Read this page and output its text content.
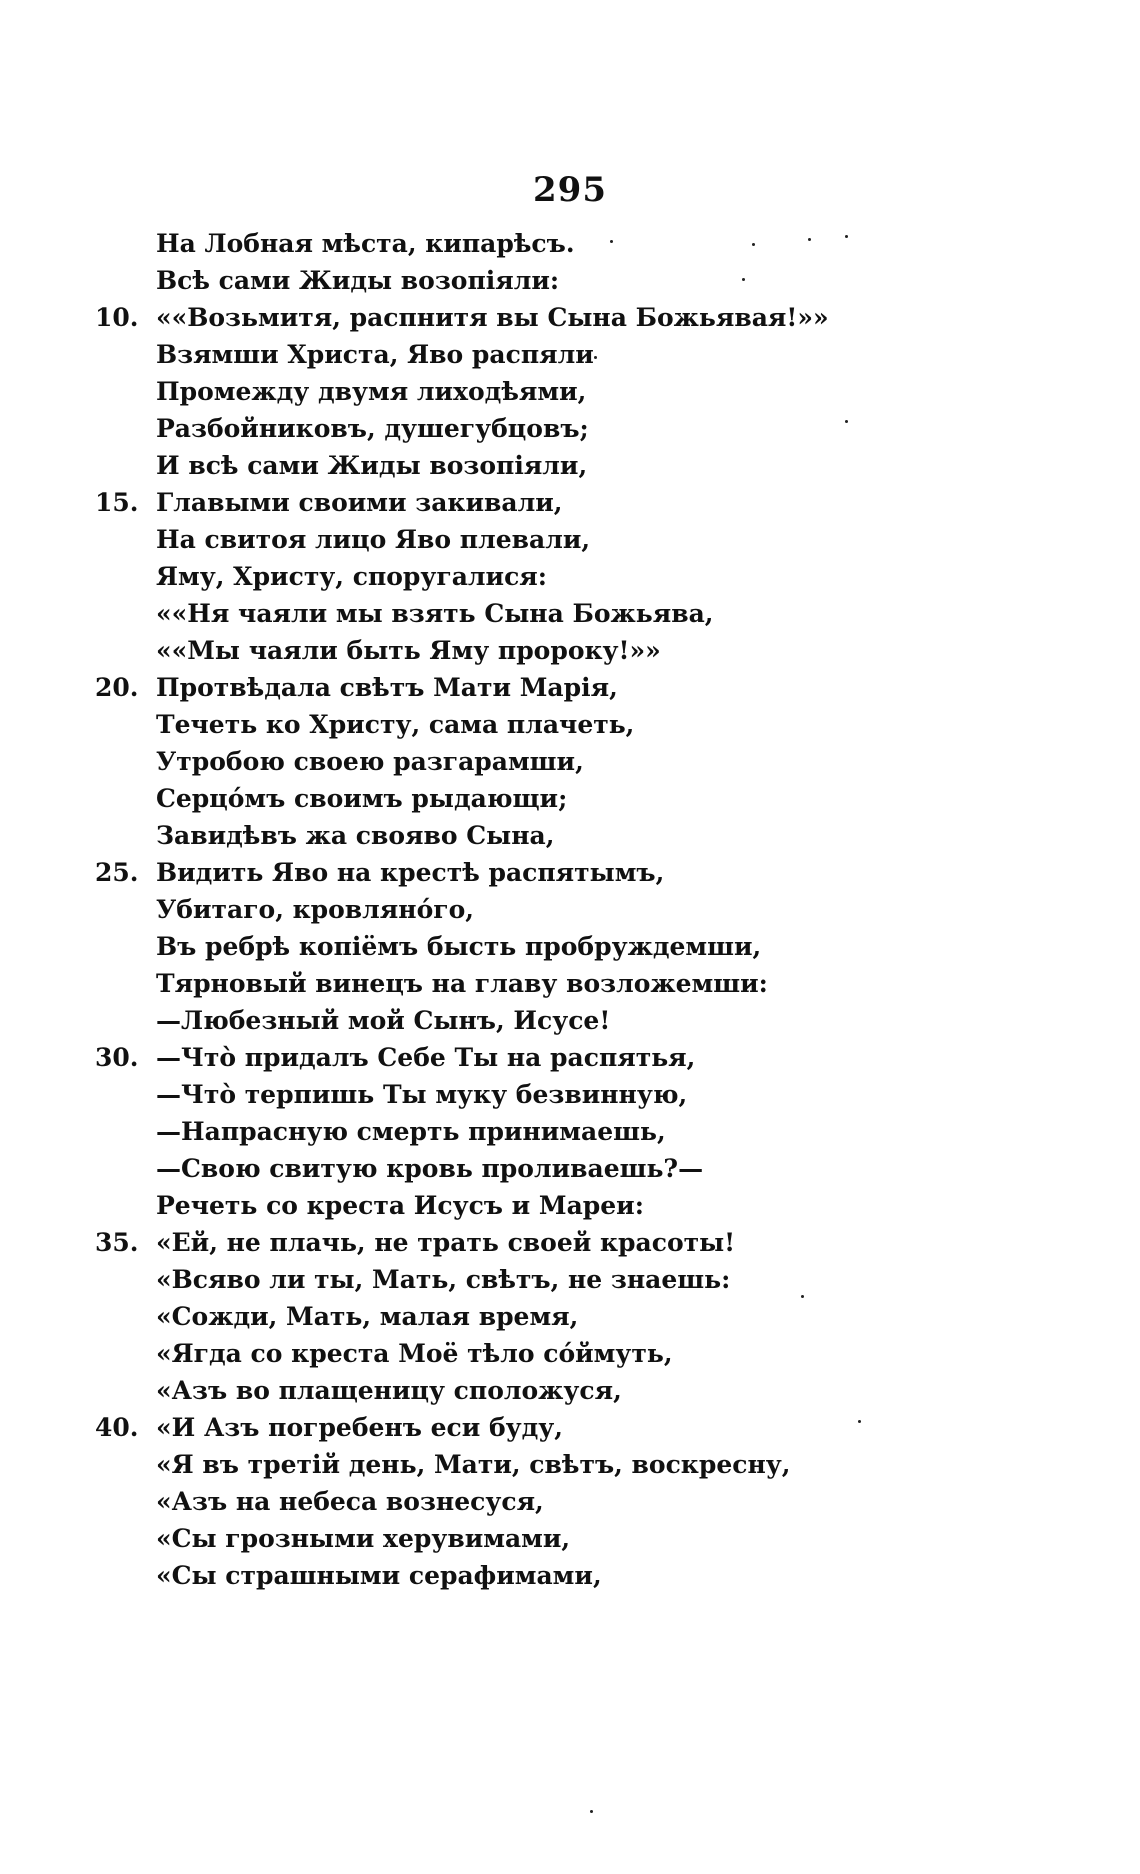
295
На Лобная мѣста, кипарѣсъ.
Всѣ сами Жиды возопіяли:
10. ««Возьмитя, распнитя вы Сына Божьявая!»»
Взямши Христа, Яво раcпяли
Промежду двумя лиходѣями,
Разбойниковъ, душегубцовъ;
И всѣ сами Жиды возопіяли,
15. Главыми своими закивали,
На свитоя лицо Яво плевали,
Яму, Христу, споругалися:
««Ня чаяли мы взять Сына Божьява,
««Мы чаяли быть Яму пророку!»»
20. Протвѣдала свѣтъ Мати Марія,
Течеть ко Христу, сама плачеть,
Утробою своею разгарамши,
Серцо́мъ своимъ рыдающи;
Завидѣвъ жа свояво Сына,
25. Видить Яво на крестѣ распятымъ,
Убитаго, кровляно́го,
Въ ребрѣ копіёмъ бысть пробруждемши,
Тярновый винецъ на главу возложемши:
—Любезный мой Сынъ, Исусе!
30. —Что̀ придалъ Себе Ты на распятья,
—Что̀ терпишь Ты муку безвинную,
—Напрасную смерть принимаешь,
—Свою свитую кровь проливаешь?—
Речеть со креста Исусъ и Мареи:
35. «Ей, не плачь, не трать своей красоты!
«Всяво ли ты, Мать, свѣтъ, не знаешь:
«Сожди, Мать, малая время,
«Ягда со креста Моё тѣло со́ймуть,
«Азъ во плащеницу сположуся,
40. «И Азъ погребенъ еси буду,
«Я въ третій день, Мати, свѣтъ, воскресну,
«Азъ на небеса вознесуся,
«Сы грозными херувимами,
«Сы страшными серафимами,
